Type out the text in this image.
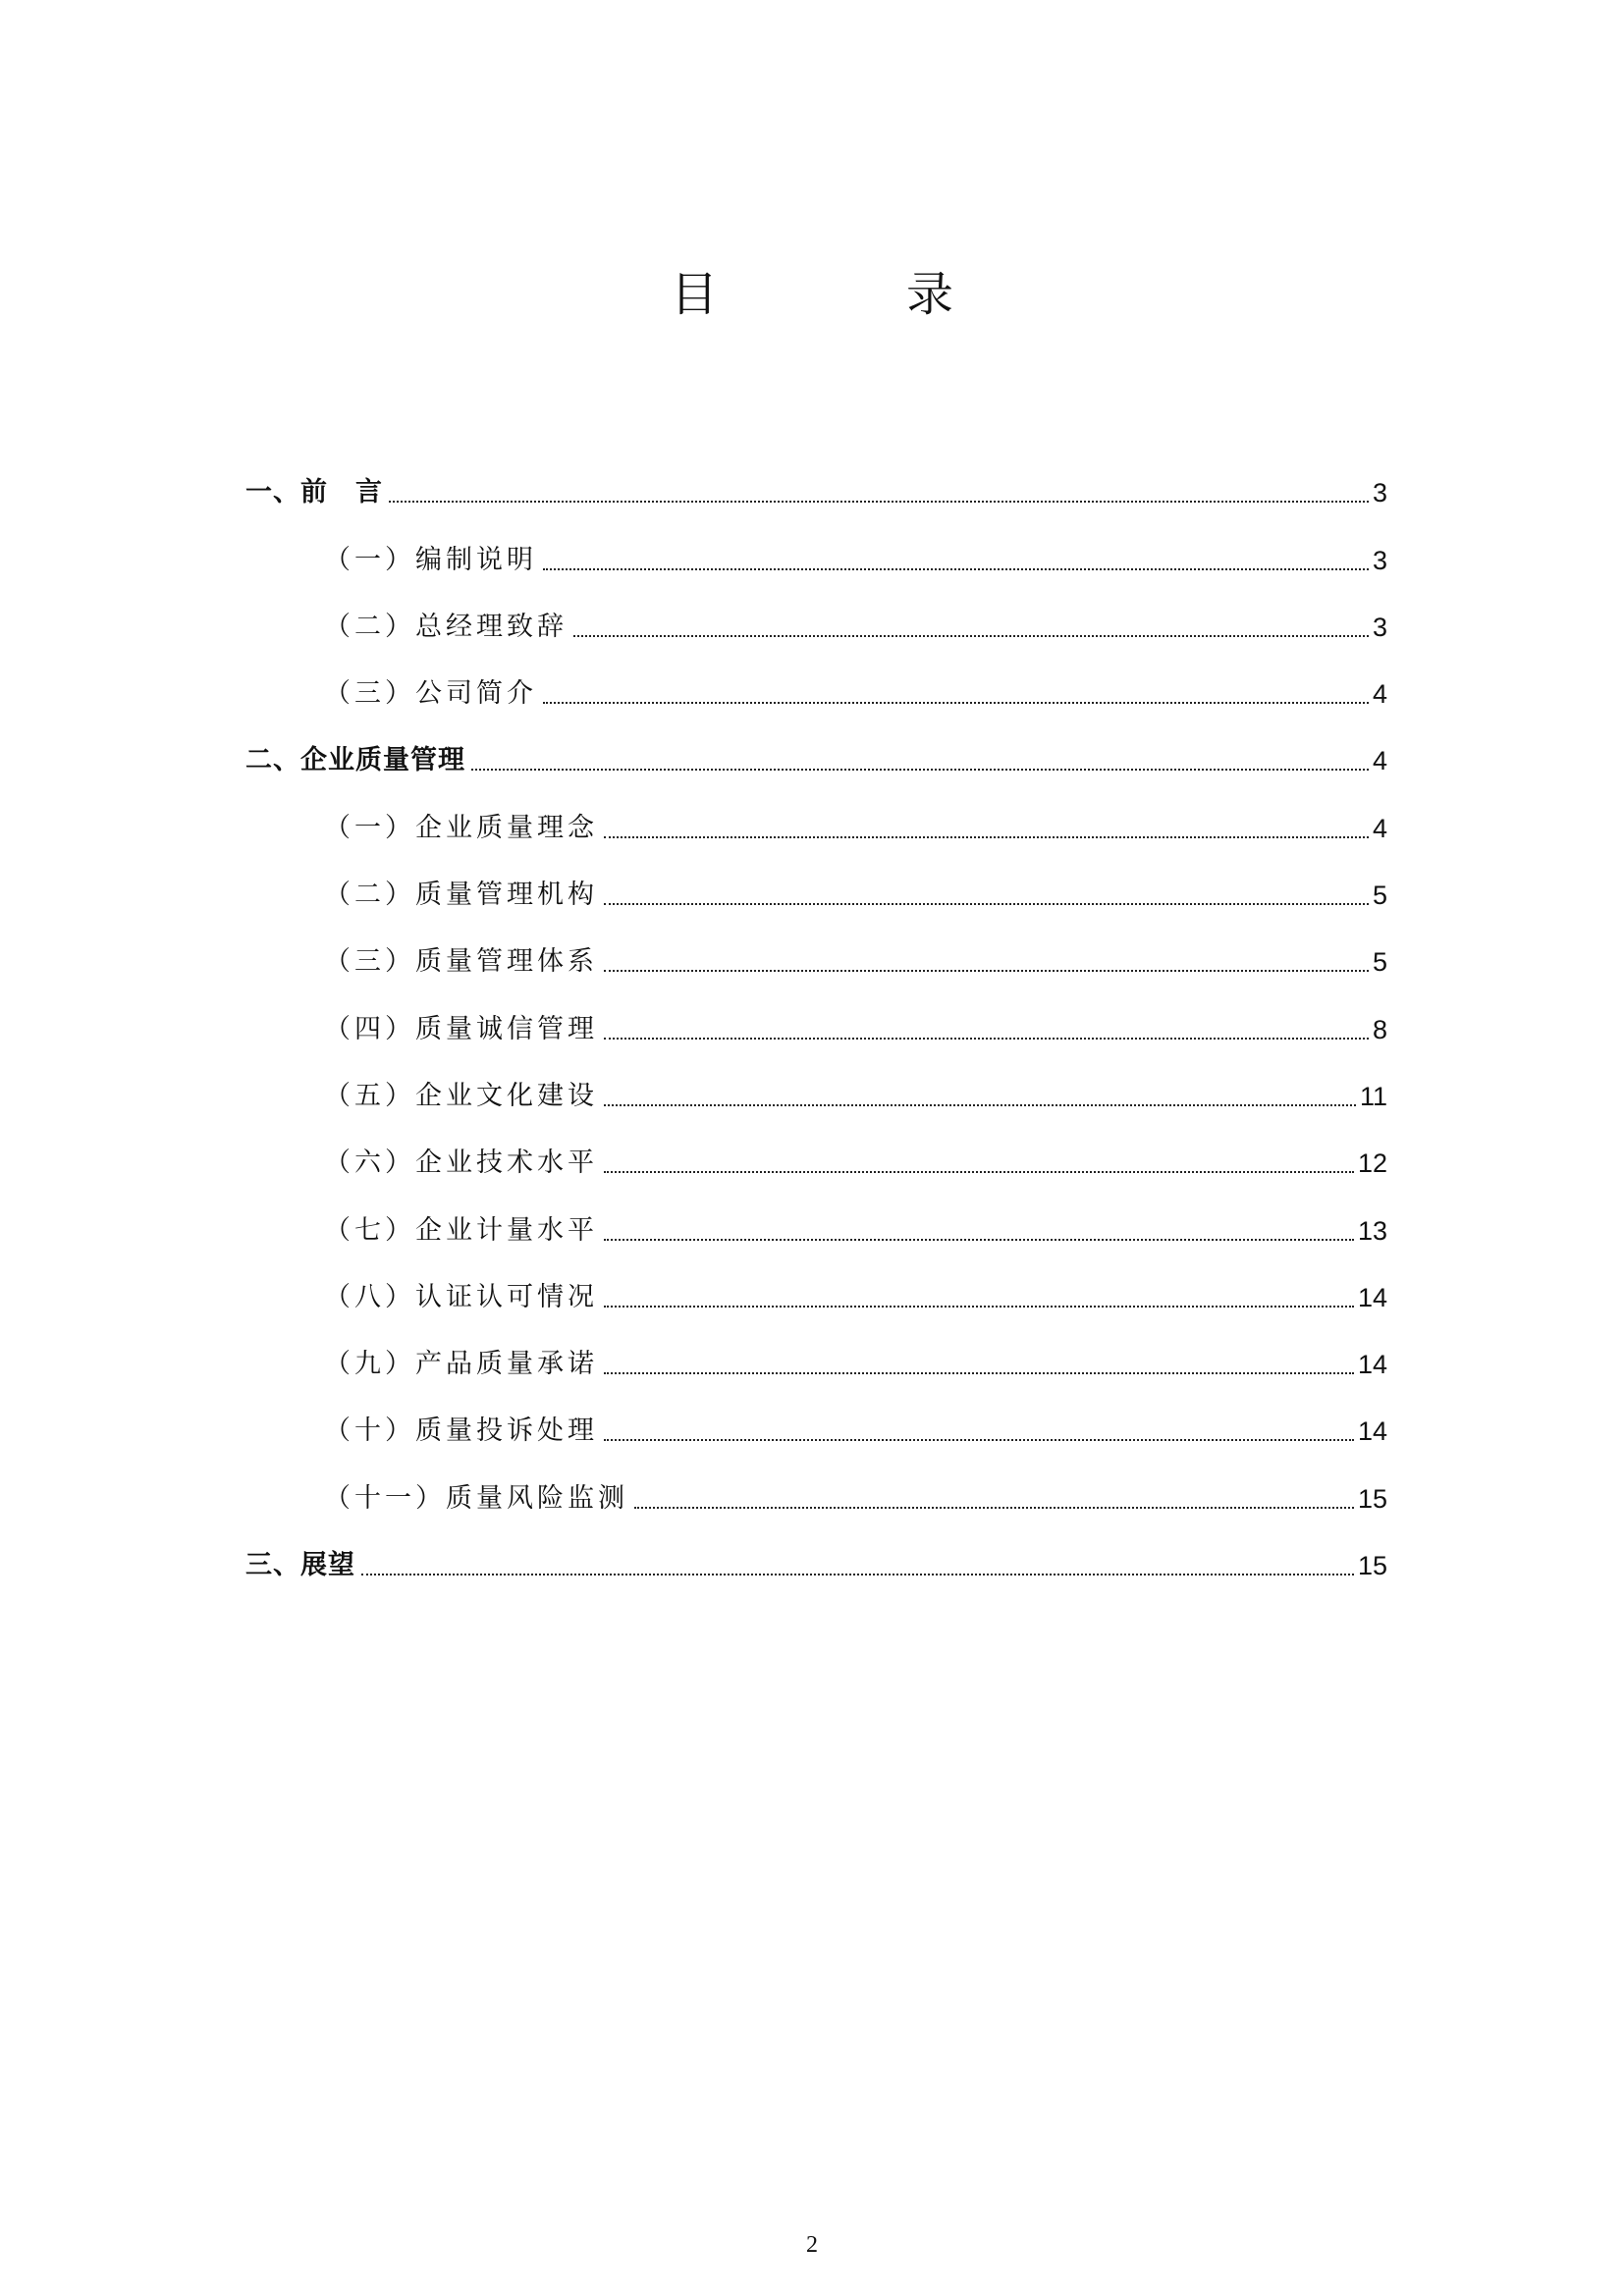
目　录
一、前　言	3
（一）编制说明	3
（二）总经理致辞	3
（三）公司简介	4
二、企业质量管理	4
（一）企业质量理念	4
（二）质量管理机构	5
（三）质量管理体系	5
（四）质量诚信管理	8
（五）企业文化建设	11
（六）企业技术水平	12
（七）企业计量水平	13
（八）认证认可情况	14
（九）产品质量承诺	14
（十）质量投诉处理	14
（十一）质量风险监测	15
三、展望	15
2
